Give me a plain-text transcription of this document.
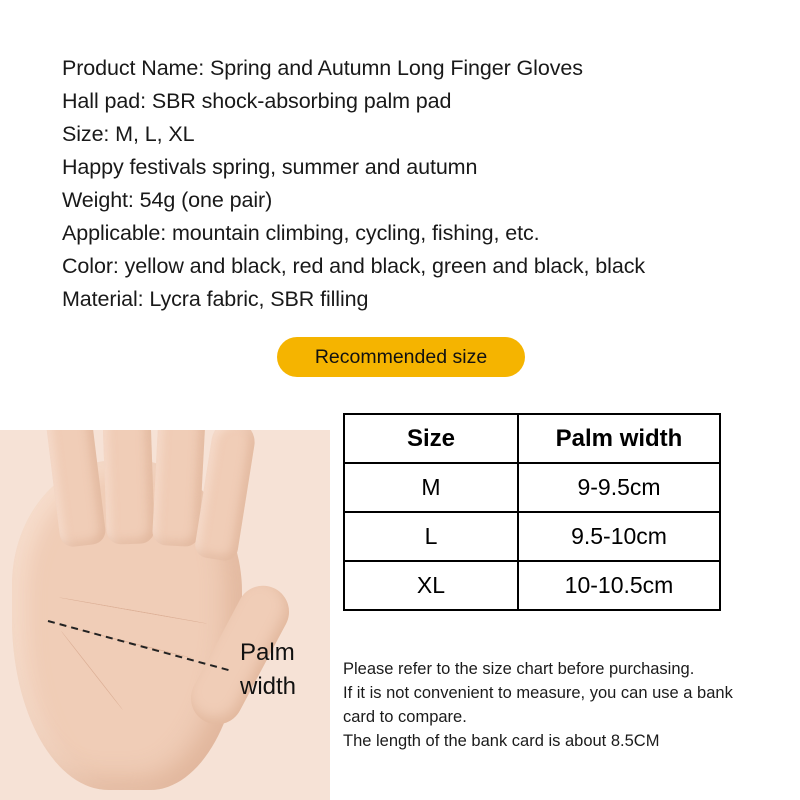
Product Name: Spring and Autumn Long Finger Gloves
Hall pad: SBR shock-absorbing palm pad
Size: M, L, XL
Happy festivals spring, summer and autumn
Weight: 54g (one pair)
Applicable: mountain climbing, cycling, fishing, etc.
Color: yellow and black, red and black, green and black, black
Material: Lycra fabric, SBR filling
Recommended size
Size	Palm width
M	9-9.5cm
L	9.5-10cm
XL	10-10.5cm
Palm
width
Please refer to the size chart before purchasing.
If it is not convenient to measure, you can use a bank
card to compare.
The length of the bank card is about 8.5CM
